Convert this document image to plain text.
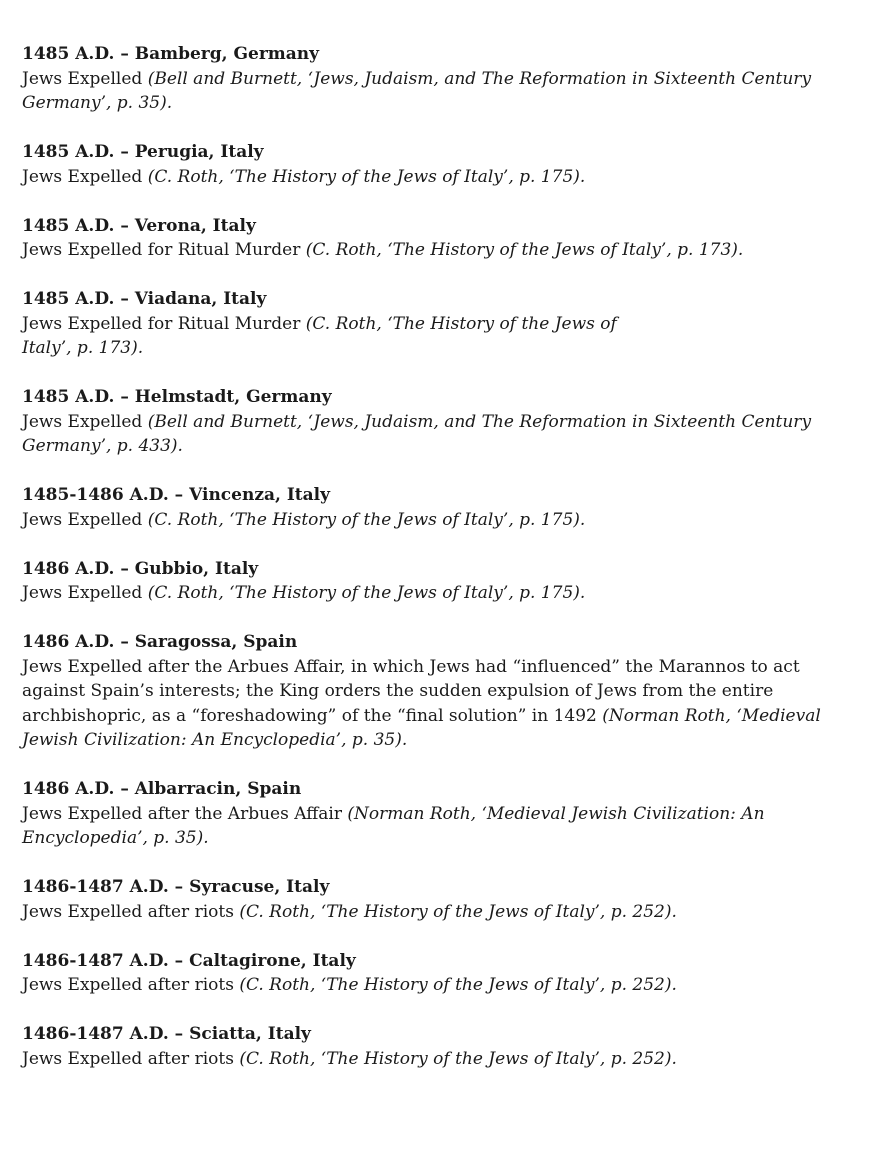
1485 A.D. – Bamberg, Germany
Jews Expelled (Bell and Burnett, ‘Jews, Judaism, and The Reformation in Sixteenth Century Germany’, p. 35).
1485 A.D. – Perugia, Italy
Jews Expelled (C. Roth, ‘The History of the Jews of Italy’, p. 175).
1485 A.D. – Verona, Italy
Jews Expelled for Ritual Murder (C. Roth, ‘The History of the Jews of Italy’, p. 173).
1485 A.D. – Viadana, Italy
Jews Expelled for Ritual Murder (C. Roth, ‘The History of the Jews of Italy’, p. 173).
1485 A.D. – Helmstadt, Germany
Jews Expelled (Bell and Burnett, ‘Jews, Judaism, and The Reformation in Sixteenth Century Germany’, p. 433).
1485-1486 A.D. – Vincenza, Italy
Jews Expelled (C. Roth, ‘The History of the Jews of Italy’, p. 175).
1486 A.D. – Gubbio, Italy
Jews Expelled (C. Roth, ‘The History of the Jews of Italy’, p. 175).
1486 A.D. – Saragossa, Spain
Jews Expelled after the Arbues Affair, in which Jews had “influenced” the Marannos to act against Spain’s interests; the King orders the sudden expulsion of Jews from the entire archbishopric, as a “foreshadowing” of the “final solution” in 1492 (Norman Roth, ‘Medieval Jewish Civilization: An Encyclopedia’, p. 35).
1486 A.D. – Albarracin, Spain
Jews Expelled after the Arbues Affair (Norman Roth, ‘Medieval Jewish Civilization: An Encyclopedia’, p. 35).
1486-1487 A.D. – Syracuse, Italy
Jews Expelled after riots (C. Roth, ‘The History of the Jews of Italy’, p. 252).
1486-1487 A.D. – Caltagirone, Italy
Jews Expelled after riots (C. Roth, ‘The History of the Jews of Italy’, p. 252).
1486-1487 A.D. – Sciatta, Italy
Jews Expelled after riots (C. Roth, ‘The History of the Jews of Italy’, p. 252).
